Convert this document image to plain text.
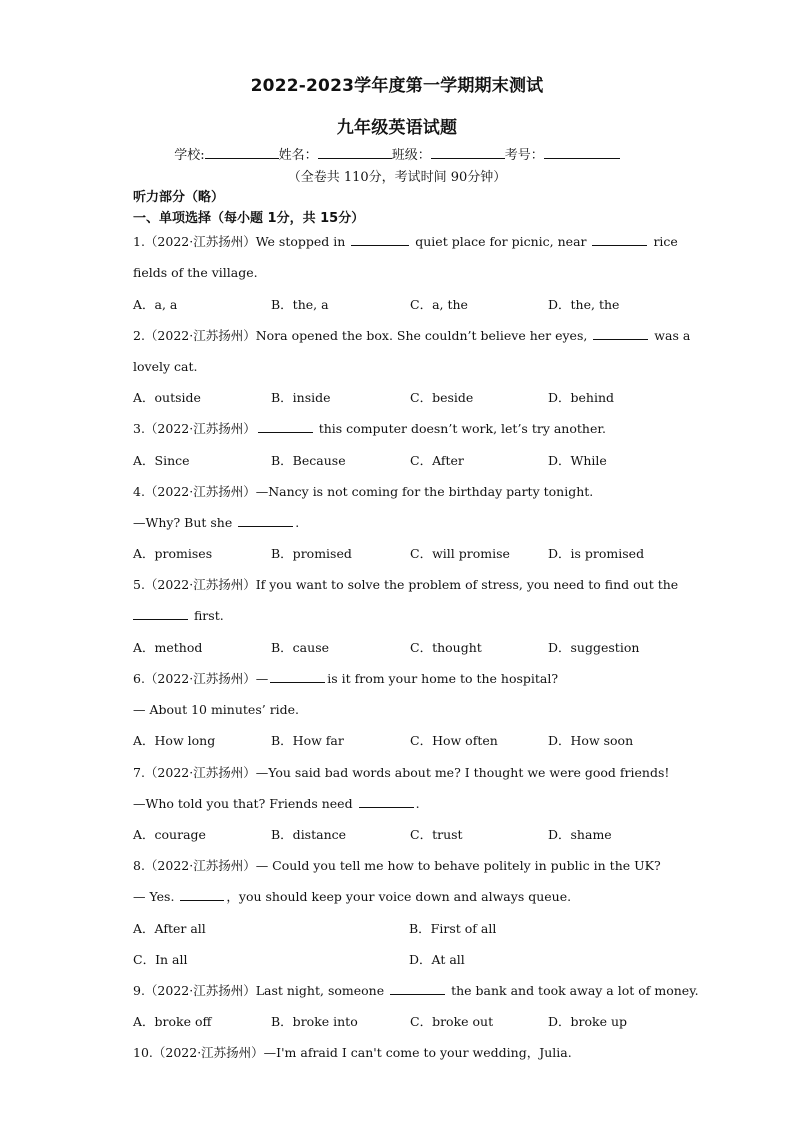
2022-2023学年度第一学期期末测试
九年级英语试题
学校:	姓名：	班级：	考号：
（全卷共 110分，考试时间 90分钟）
听力部分（略）
一、单项选择（每小题 1分，共 15分）
1.（2022·江苏扬州）We stopped in	quiet place for picnic, near	rice
fields of the village.
A．a, a	B．the, a	C．a, the	D．the, the
2.（2022·江苏扬州）Nora opened the box. She couldn’t believe her eyes,	was a
lovely cat.
A．outside	B．inside	C．beside	D．behind
3.（2022·江苏扬州）	this computer doesn’t work, let’s try another.
A．Since	B．Because	C．After	D．While
4.（2022·江苏扬州）—Nancy is not coming for the birthday party tonight.
—Why? But she	.
A．promises	B．promised	C．will promise	D．is promised
5.（2022·江苏扬州）If you want to solve the problem of stress, you need to find out the
first.
A．method	B．cause	C．thought	D．suggestion
6.（2022·江苏扬州）—	is it from your home to the hospital?
— About 10 minutes’ ride.
A．How long	B．How far	C．How often	D．How soon
7.（2022·江苏扬州）—You said bad words about me? I thought we were good friends!
—Who told you that? Friends need	.
A．courage	B．distance	C．trust	D．shame
8.（2022·江苏扬州）— Could you tell me how to behave politely in public in the UK?
— Yes.	，you should keep your voice down and always queue.
A．After all	B．First of all
C．In all	D．At all
9.（2022·江苏扬州）Last night, someone	the bank and took away a lot of money.
A．broke off	B．broke into	C．broke out	D．broke up
10.（2022·江苏扬州）—I'm afraid I can't come to your wedding，Julia.
